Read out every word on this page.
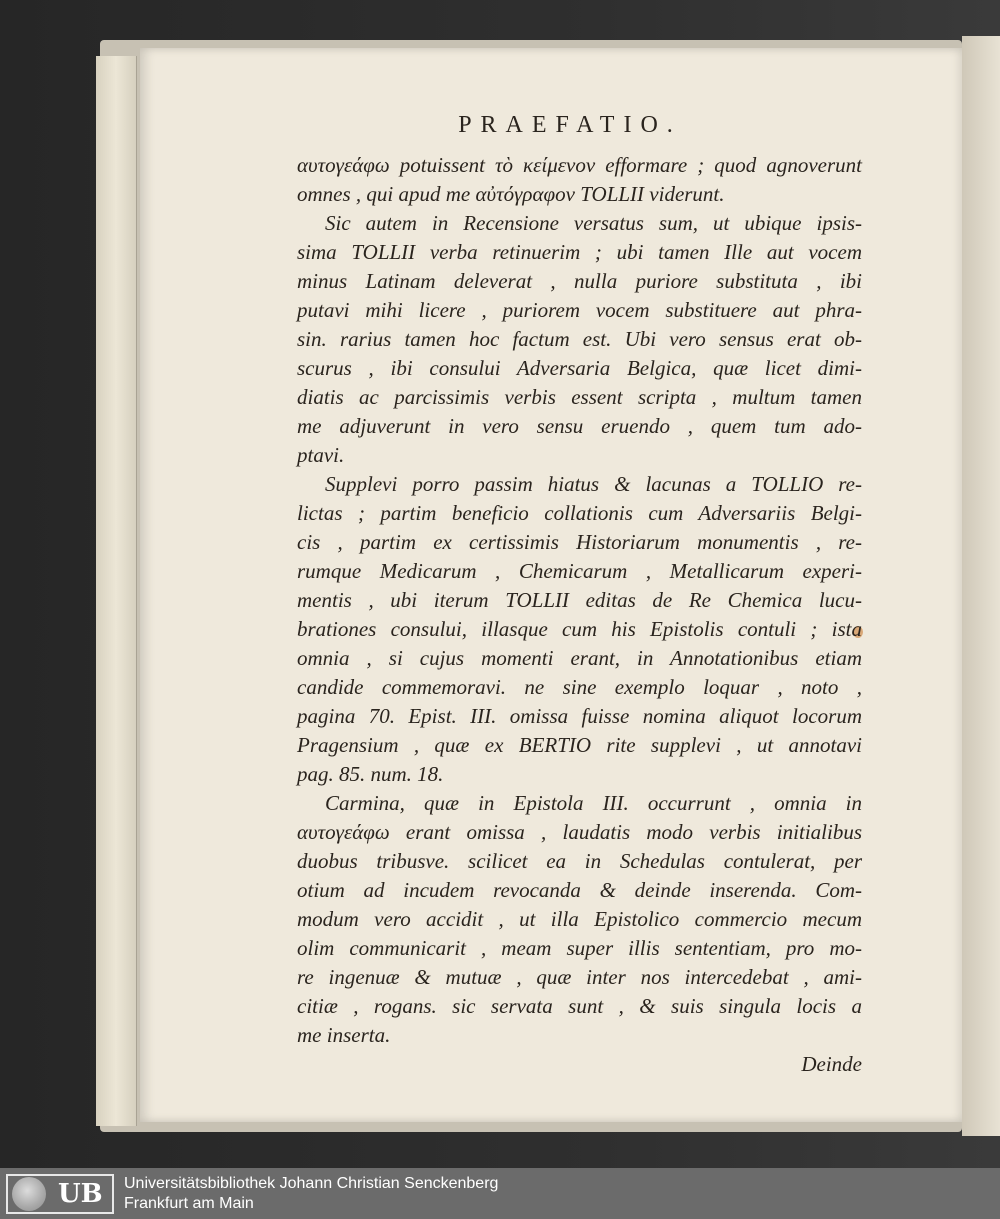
PRAEFATIO.
αυτογεάφω potuissent τὸ κείμενον efformare ; quod agnoverunt
omnes , qui apud me αὐτόγραφον TOLLII viderunt.
Sic autem in Recensione versatus sum, ut ubique ipsis-
sima TOLLII verba retinuerim ; ubi tamen Ille aut vocem
minus Latinam deleverat , nulla puriore substituta , ibi
putavi mihi licere , puriorem vocem substituere aut phra-
sin. rarius tamen hoc factum est. Ubi vero sensus erat ob-
scurus , ibi consului Adversaria Belgica, quæ licet dimi-
diatis ac parcissimis verbis essent scripta , multum tamen
me adjuverunt in vero sensu eruendo , quem tum ado-
ptavi.
Supplevi porro passim hiatus & lacunas a TOLLIO re-
lictas ; partim beneficio collationis cum Adversariis Belgi-
cis , partim ex certissimis Historiarum monumentis , re-
rumque Medicarum , Chemicarum , Metallicarum experi-
mentis , ubi iterum TOLLII editas de Re Chemica lucu-
brationes consului, illasque cum his Epistolis contuli ; ista
omnia , si cujus momenti erant, in Annotationibus etiam
candide commemoravi. ne sine exemplo loquar , noto ,
pagina 70. Epist. III. omissa fuisse nomina aliquot locorum
Pragensium , quæ ex BERTIO rite supplevi , ut annotavi
pag. 85. num. 18.
Carmina, quæ in Epistola III. occurrunt , omnia in
αυτογεάφω erant omissa , laudatis modo verbis initialibus
duobus tribusve. scilicet ea in Schedulas contulerat, per
otium ad incudem revocanda & deinde inserenda. Com-
modum vero accidit , ut illa Epistolico commercio mecum
olim communicarit , meam super illis sententiam, pro mo-
re ingenuæ & mutuæ , quæ inter nos intercedebat , ami-
citiæ , rogans. sic servata sunt , & suis singula locis a
me inserta.
Deinde
UB Universitätsbibliothek Johann Christian Senckenberg
Frankfurt am Main
